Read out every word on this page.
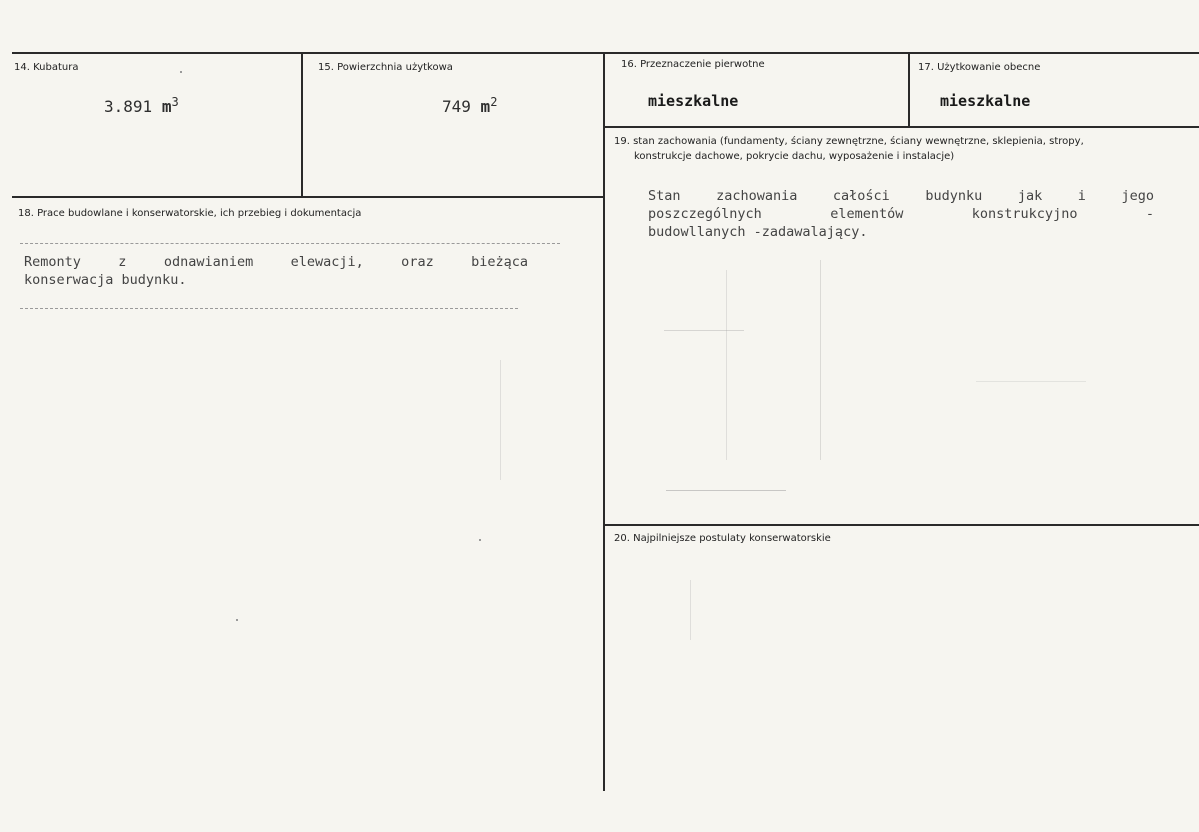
14. Kubatura
3.891 $m^3$
15. Powierzchnia użytkowa
749 $m^2$
16. Przeznaczenie pierwotne
mieszkalne
17. Użytkowanie obecne
mieszkalne
18. Prace budowlane i konserwatorskie, ich przebieg i dokumentacja
Remonty z odnawianiem elewacji, oraz bieżąca
konserwacja budynku.
19. stan zachowania (fundamenty, ściany zewnętrzne, ściany wewnętrzne, sklepienia, stropy,
konstrukcje dachowe, pokrycie dachu, wyposażenie i instalacje)
Stan zachowania całości budynku jak i jego
poszczególnych elementów konstrukcyjno -
budowllanych -zadawalający.
20. Najpilniejsze postulaty konserwatorskie
